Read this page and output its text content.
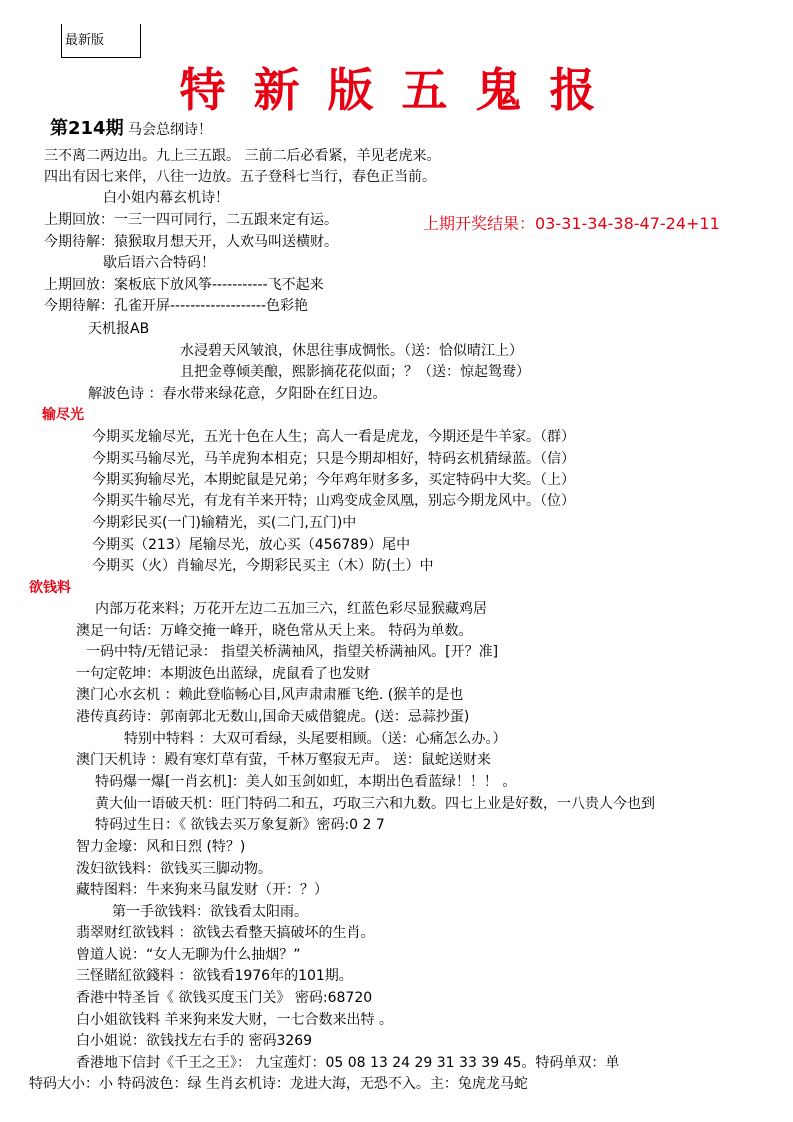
最新版
特新版五鬼报
第214期 马会总纲诗！
三不离二两边出。九上三五跟。 三前二后必看紧，羊见老虎来。
四出有因七来伴，八往一边放。五子登科七当行，春色正当前。
白小姐内幕玄机诗！
上期回放：一三一四可同行，二五跟来定有运。	上期开奖结果：03-31-34-38-47-24+11
今期待解：猿猴取月想天开，人欢马叫送横财。
歇后语六合特码！
上期回放：案板底下放风筝-----------飞不起来
今期待解：孔雀开屏-------------------色彩艳
天机报AB
水浸碧天风皱浪，休思往事成惆怅。（送：恰似晴江上）
且把金尊倾美酿，熙影摘花花似面；？（送：惊起鸳鸯）
解波色诗 ：春水带来绿花意，夕阳卧在红日边。
输尽光
今期买龙输尽光，五光十色在人生；高人一看是虎龙，今期还是牛羊家。（群）
今期买马输尽光，马羊虎狗本相克；只是今期却相好，特码玄机猜绿蓝。（信）
今期买狗输尽光，本期蛇鼠是兄弟；今年鸡年财多多，买定特码中大奖。（上）
今期买牛输尽光，有龙有羊来开特；山鸡变成金凤凰，别忘今期龙风中。（位）
今期彩民买(一门)输精光，买(二门,五门)中
今期买（213）尾输尽光，放心买（456789）尾中
今期买（火）肖输尽光，今期彩民买主（木）防(土）中
欲钱料
内部万花来料；万花开左边二五加三六，红蓝色彩尽显猴藏鸡居
澳足一句话：万峰交掩一峰开，晓色常从天上来。 特码为单数。
一码中特/无错记录： 指望关桥满袖风，指望关桥满袖风。[开？准]
一句定乾坤：本期波色出蓝绿，虎鼠看了也发财
澳门心水玄机 ：赖此登临畅心目,风声肃肃雁飞绝. (猴羊的是也
港传真药诗：郭南郭北无数山,国命天威借貔虎。(送：忌蒜抄蛋)
特别中特料 ：大双可看绿，头尾要相顾。（送：心痛怎么办。）
澳门天机诗 ：殿有寒灯草有萤，千林万壑寂无声。 送：鼠蛇送财来
特码爆一爆[一肖玄机]：美人如玉剑如虹，本期出色看蓝绿！！！ 。
黄大仙一语破天机：旺门特码二和五，巧取三六和九数。四七上业是好数，一八贵人今也到
特码过生日：《 欲钱去买万象复新》密码:0 2 7
智力金壕：风和日烈 (特？)
泼妇欲钱料：欲钱买三脚动物。
藏特图料：牛来狗来马鼠发财（开：？）
第一手欲钱料：欲钱看太阳雨。
翡翠财红欲钱料 ：欲钱去看整天搞破坏的生肖。
曾道人说：“女人无聊为什么抽烟？”
三怪賭紅欲錢料 ：欲钱看1976年的101期。
香港中特圣旨《 欲钱买度玉门关》 密码:68720
白小姐欲钱料 羊来狗来发大财，一七合数来出特 。
白小姐说：欲钱找左右手的 密码3269
香港地下信封《千王之王》： 九宝莲灯：05 08 13 24 29 31 33 39 45。特码单双：单
特码大小：小 特码波色：绿 生肖玄机诗：龙进大海，无恐不入。主：兔虎龙马蛇
